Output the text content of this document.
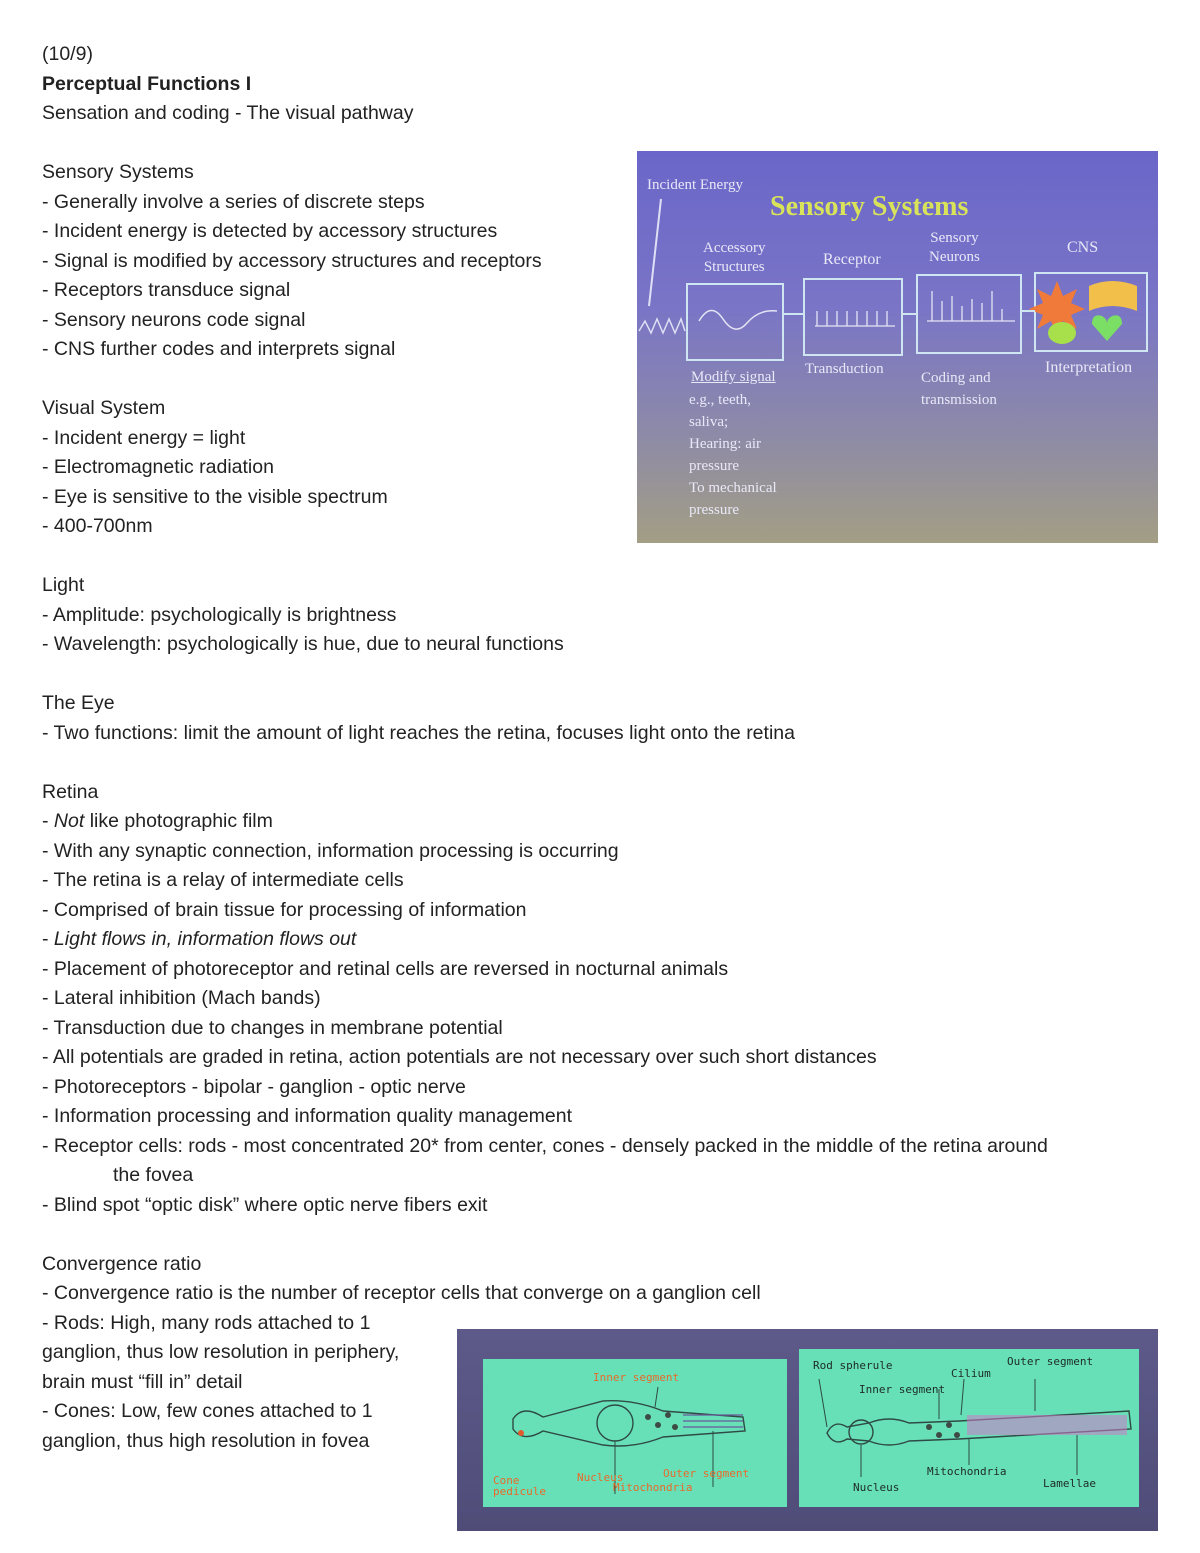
(10/9)
Perceptual Functions I
Sensation and coding - The visual pathway
Sensory Systems
- Generally involve a series of discrete steps
- Incident energy is detected by accessory structures
- Signal is modified by accessory structures and receptors
- Receptors transduce signal
- Sensory neurons code signal
- CNS further codes and interprets signal
Visual System
- Incident energy = light
- Electromagnetic radiation
- Eye is sensitive to the visible spectrum
- 400-700nm
Light
- Amplitude: psychologically is brightness
- Wavelength: psychologically is hue, due to neural functions
The Eye
- Two functions: limit the amount of light reaches the retina, focuses light onto the retina
Retina
- Not like photographic film
- With any synaptic connection, information processing is occurring
- The retina is a relay of intermediate cells
- Comprised of brain tissue for processing of information
- Light flows in, information flows out
- Placement of photoreceptor and retinal cells are reversed in nocturnal animals
- Lateral inhibition (Mach bands)
- Transduction due to changes in membrane potential
- All potentials are graded in retina, action potentials are not necessary over such short distances
- Photoreceptors - bipolar - ganglion - optic nerve
- Information processing and information quality management
- Receptor cells: rods - most concentrated 20* from center, cones - densely packed in the middle of the retina around
the fovea
- Blind spot “optic disk” where optic nerve fibers exit
Convergence ratio
- Convergence ratio is the number of receptor cells that converge on a ganglion cell
- Rods: High, many rods attached to 1
ganglion, thus low resolution in periphery,
brain must “fill in” detail
- Cones: Low, few cones attached to 1
ganglion, thus high resolution in fovea
Incident Energy
Sensory Systems
Accessory
Structures	Receptor
Sensory
Neurons
CNS
Modify signal
e.g., teeth,
saliva;
Hearing: air
pressure
To mechanical
pressure
Transduction
Coding and
transmission
Interpretation
Inner segment
Cone
pedicule
Nucleus	Outer segment
Mitochondria
Rod spherule
Cilium
Outer segment
Inner segment
Mitochondria
Nucleus	Lamellae
